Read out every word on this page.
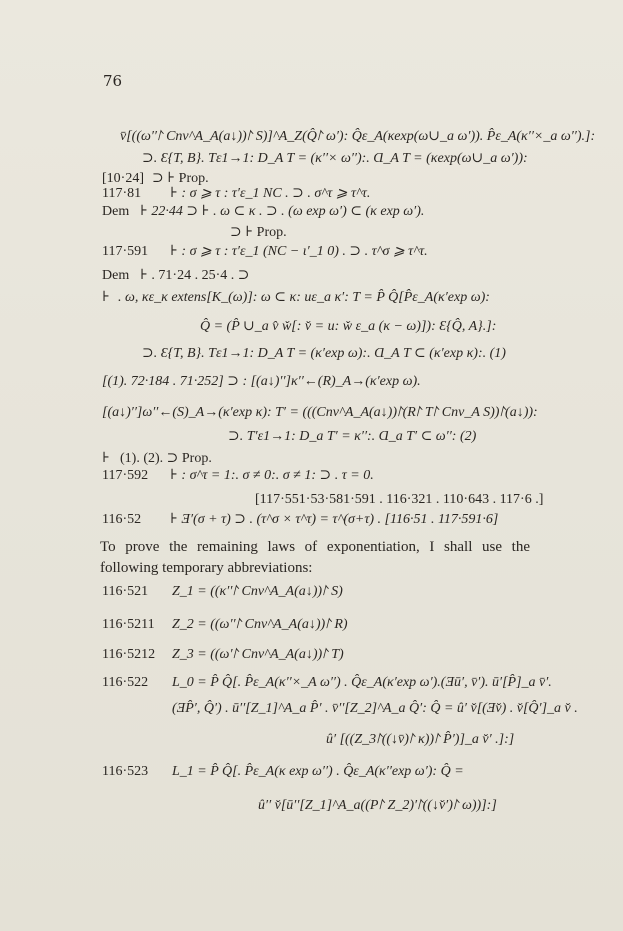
76
v̄[((ω′′⨡ Cnv^A_A(a↓))⨡ S)]^A_Z(Q̂⨡ ω′): Q̂ε_A(κexp(ω∪_a ω′)). P̂ε_A(κ′′×_a ω′′).]:
⊃. Ɛ{T, B}. Tε1→1: D_A T = (κ′′× ω′′):. Ɑ_A T = (κexp(ω∪_a ω′)):
[10·24] ⊃ ⊦ Prop.
117·81 ⊦ : σ ⩾ τ : τ′ε_1 NC . ⊃ . σ^τ ⩾ τ^τ.
Dem ⊦ 22·44 ⊃ ⊦ . ω ⊂ κ . ⊃ . (ω exp ω′) ⊂ (κ exp ω′).
⊃ ⊦ Prop.
117·591 ⊦ : σ ⩾ τ : τ′ε_1 (NC − ι′_1 0) . ⊃ . τ^σ ⩾ τ^τ.
Dem ⊦ . 71·24 . 25·4 . ⊃
⊦ . ω, κε_κ extens[K_(ω)]: ω ⊂ κ: uε_a κ′: T = P̂ Q̂[P̂ε_A(κ′exp ω):
Q̂ = (P̂ ∪_a v̂ w̌[: v̌ = u: w̌ ε_a (κ − ω)]): Ɛ{Q̂, A}.]:
⊃. Ɛ{T, B}. Tε1→1: D_A T = (κ′exp ω):. Ɑ_A T ⊂ (κ′exp κ):. (1)
[(1). 72·184 . 71·252] ⊃ : [(a↓)′′]κ′′←(R)_A→(κ′exp ω).
[(a↓)′′]ω′′←(S)_A→(κ′exp κ): T′ = (((Cnv^A_A(a↓))⨡(R⨡ T⨡ Cnv_A S))⨡(a↓)):
⊃. T′ε1→1: D_a T′ = κ′′:. Ɑ_a T′ ⊂ ω′′: (2)
⊦ (1). (2). ⊃ Prop.
117·592 ⊦ : σ^τ = 1:. σ ≠ 0:. σ ≠ 1: ⊃ . τ = 0.
[117·551·53·581·591 . 116·321 . 110·643 . 117·6 .]
116·52 ⊦ Ǝ′(σ + τ) ⊃ . (τ^σ × τ^τ) = τ^(σ+τ) . [116·51 . 117·591·6]
To prove the remaining laws of exponentiation, I shall use the following temporary abbreviations:
116·521 Z_1 = ((κ′′⨡ Cnv^A_A(a↓))⨡ S)
116·5211 Z_2 = ((ω′′⨡ Cnv^A_A(a↓))⨡ R)
116·5212 Z_3 = ((ω′⨡ Cnv^A_A(a↓))⨡ T)
116·522 L_0 = P̂ Q̂[. P̂ε_A(κ′′×_A ω′′) . Q̂ε_A(κ′exp ω′).(Ǝū′, v̄′). ū′[P̂]_a v̄′.
(ƎP̂′, Q̂′) . ū′′[Z_1]^A_a P̂′ . v̄′′[Z_2]^A_a Q̂′: Q̂ = û′ v̌[(Ǝv̌) . v̌[Q̂′]_a v̌ .
û′ [((Z_3⨡((↓v̄)⨡ κ))⨡ P̂′)]_a v̌′ .]:]
116·523 L_1 = P̂ Q̂[. P̂ε_A(κ exp ω′′) . Q̂ε_A(κ′′exp ω′): Q̂ =
û′′ v̌[ū′′[Z_1]^A_a((P⨡ Z_2)′⨡((↓v̌′)⨡ ω))]:]
